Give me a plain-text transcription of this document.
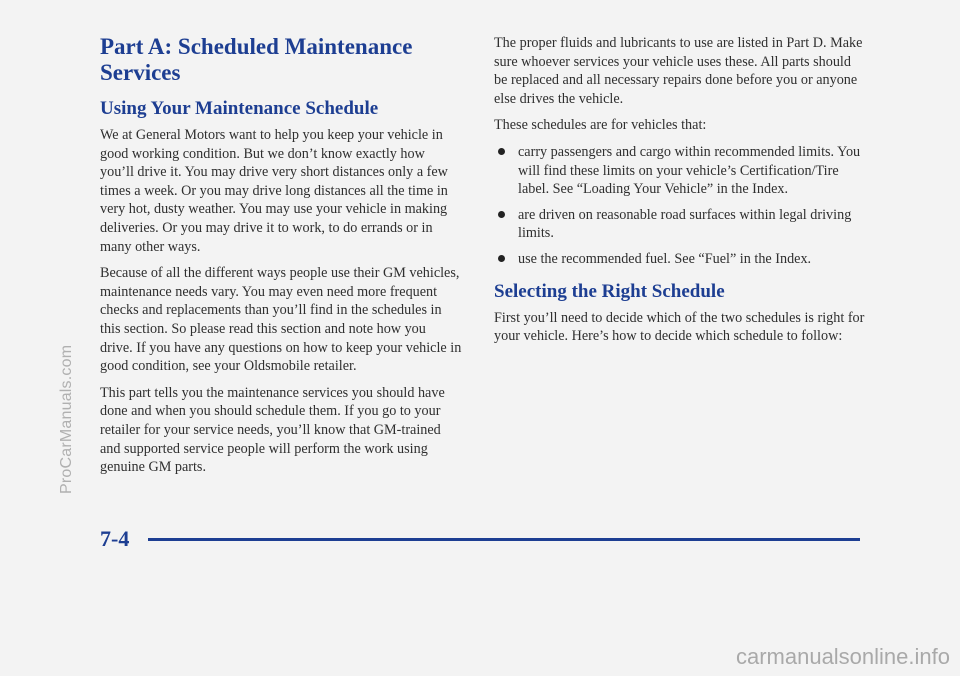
Part A: Scheduled Maintenance
Services
Using Your Maintenance Schedule

We at General Motors want to help you keep your vehicle in good working condition. But we don’t know exactly how you’ll drive it. You may drive very short distances only a few times a week. Or you may drive long distances all the time in very hot, dusty weather. You may use your vehicle in making deliveries. Or you may drive it to work, to do errands or in many other ways.

Because of all the different ways people use their GM vehicles, maintenance needs vary. You may even need more frequent checks and replacements than you’ll find in the schedules in this section. So please read this section and note how you drive. If you have any questions on how to keep your vehicle in good condition, see your Oldsmobile retailer.

This part tells you the maintenance services you should have done and when you should schedule them. If you go to your retailer for your service needs, you’ll know that GM-trained and supported service people will perform the work using genuine GM parts.

The proper fluids and lubricants to use are listed in Part D. Make sure whoever services your vehicle uses these. All parts should be replaced and all necessary repairs done before you or anyone else drives the vehicle.

These schedules are for vehicles that:

carry passengers and cargo within recommended limits. You will find these limits on your vehicle’s Certification/Tire label. See “Loading Your Vehicle” in the Index.
are driven on reasonable road surfaces within legal driving limits.
use the recommended fuel. See “Fuel” in the Index.
Selecting the Right Schedule

First you’ll need to decide which of the two schedules is right for your vehicle. Here’s how to decide which schedule to follow:

7-4
ProCarManuals.com
carmanualsonline.info
